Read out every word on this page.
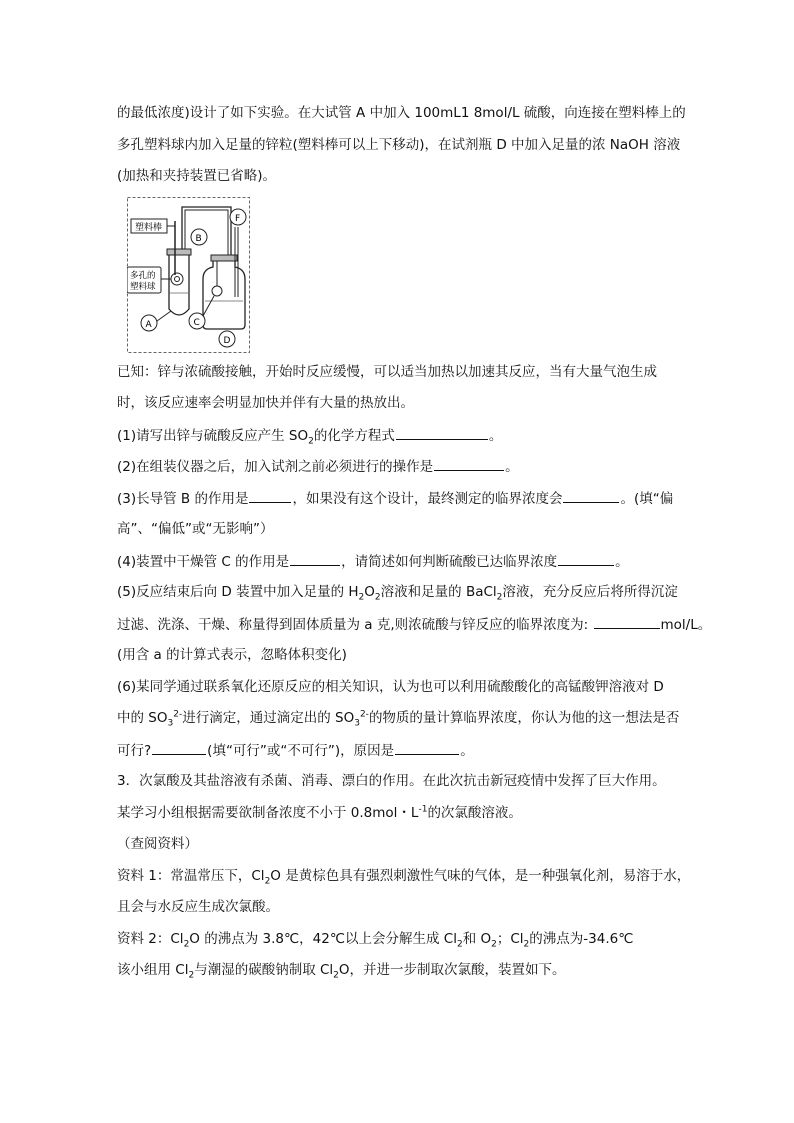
的最低浓度)设计了如下实验。在大试管 A 中加入 100mL1 8mol/L 硫酸，向连接在塑料棒上的
多孔塑料球内加入足量的锌粒(塑料棒可以上下移动)，在试剂瓶 D 中加入足量的浓 NaOH 溶液
(加热和夹持装置已省略)。
塑料棒
多孔的
塑料球
A
B
C
D
F
已知：锌与浓硫酸接触，开始时反应缓慢，可以适当加热以加速其反应，当有大量气泡生成
时，该反应速率会明显加快并伴有大量的热放出。
(1)请写出锌与硫酸反应产生 $SO_2$的化学方程式	。
(2)在组装仪器之后，加入试剂之前必须进行的操作是	。
(3)长导管 B 的作用是	，如果没有这个设计，最终测定的临界浓度会	。(填“偏
高”、“偏低”或“无影响”）
(4)装置中干燥管 C 的作用是	，请简述如何判断硫酸已达临界浓度	。
(5)反应结束后向 D 装置中加入足量的 $H_2O_2$溶液和足量的 BaCl$_2$溶液，充分反应后将所得沉淀
过滤、洗涤、干燥、称量得到固体质量为 a 克,则浓硫酸与锌反应的临界浓度为:	mol/L。
(用含 a 的计算式表示，忽略体积变化)
(6)某同学通过联系氧化还原反应的相关知识，认为也可以利用硫酸酸化的高锰酸钾溶液对 D
中的 $SO_3^{2-}$进行滴定，通过滴定出的 $SO_3^{2-}$的物质的量计算临界浓度，你认为他的这一想法是否
可行?	(填“可行”或“不可行”)，原因是	。
3．次氯酸及其盐溶液有杀菌、消毒、漂白的作用。在此次抗击新冠疫情中发挥了巨大作用。
某学习小组根据需要欲制备浓度不小于 0.8mol・$L^{-1}$的次氯酸溶液。
（查阅资料）
资料 1：常温常压下，$Cl_2O$ 是黄棕色具有强烈刺激性气味的气体，是一种强氧化剂，易溶于水，
且会与水反应生成次氯酸。
资料 2：$Cl_2O$ 的沸点为 3.8℃，42℃以上会分解生成 $Cl_2$和 $O_2$；$Cl_2$的沸点为-34.6℃
该小组用 $Cl_2$与潮湿的碳酸钠制取 $Cl_2O$，并进一步制取次氯酸，装置如下。
